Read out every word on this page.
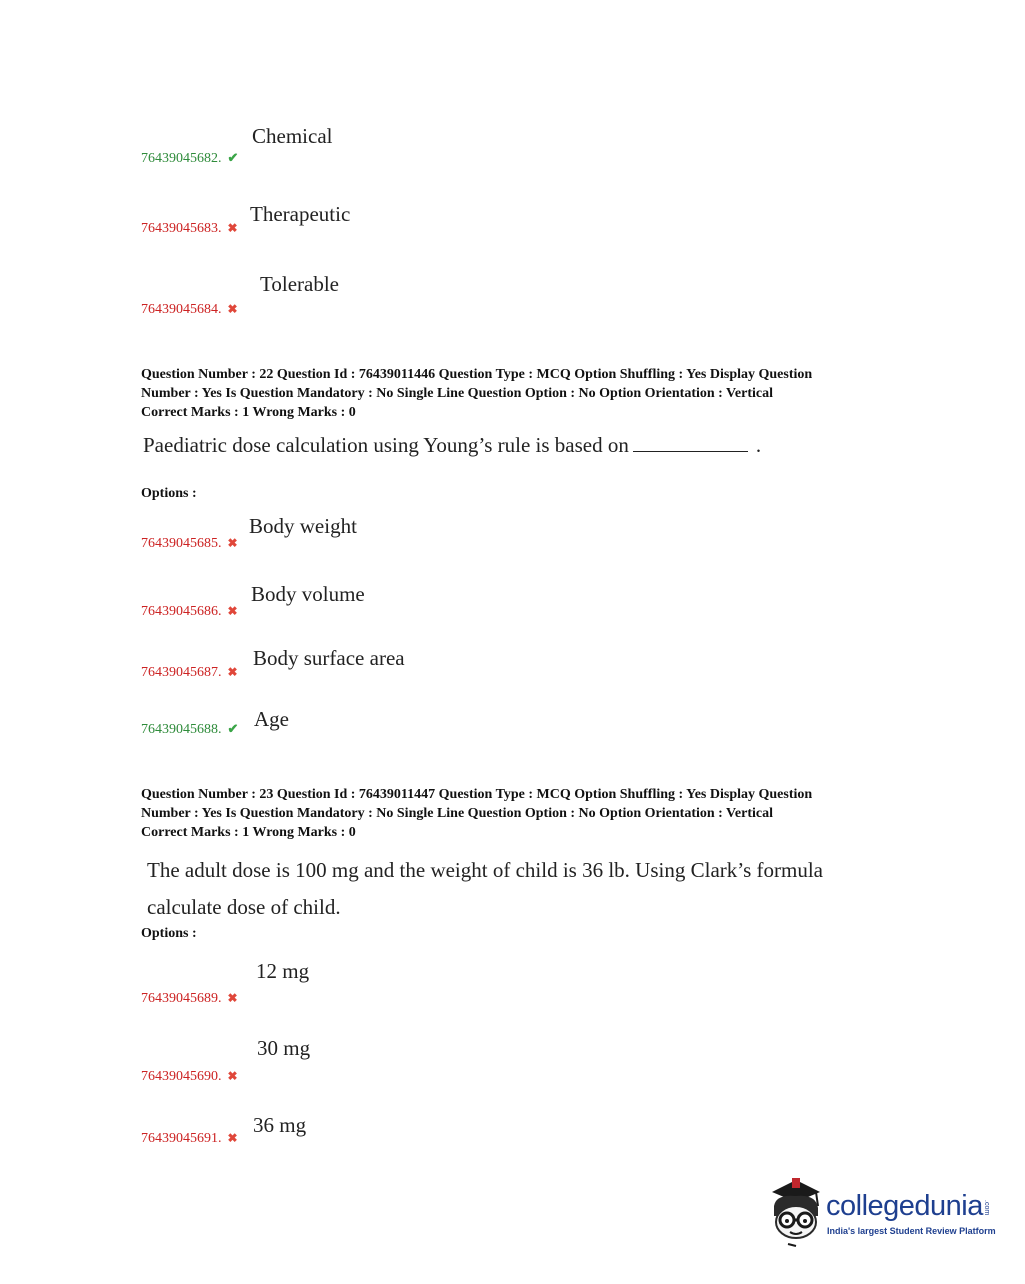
Chemical
76439045682. ✔
Therapeutic
76439045683. ✖
Tolerable
76439045684. ✖
Question Number : 22 Question Id : 76439011446 Question Type : MCQ Option Shuffling : Yes Display Question
Number : Yes Is Question Mandatory : No Single Line Question Option : No Option Orientation : Vertical
Correct Marks : 1 Wrong Marks : 0
Paediatric dose calculation using Young’s rule is based on	.
Options :
Body weight
76439045685. ✖
Body volume
76439045686. ✖
Body surface area
76439045687. ✖
Age
76439045688. ✔
Question Number : 23 Question Id : 76439011447 Question Type : MCQ Option Shuffling : Yes Display Question
Number : Yes Is Question Mandatory : No Single Line Question Option : No Option Orientation : Vertical
Correct Marks : 1 Wrong Marks : 0
The adult dose is 100 mg and the weight of child is 36 lb. Using Clark’s formula
calculate dose of child.
Options :
12 mg
76439045689. ✖
30 mg
76439045690. ✖
36 mg
76439045691. ✖
collegedunia .com
India's largest Student Review Platform
